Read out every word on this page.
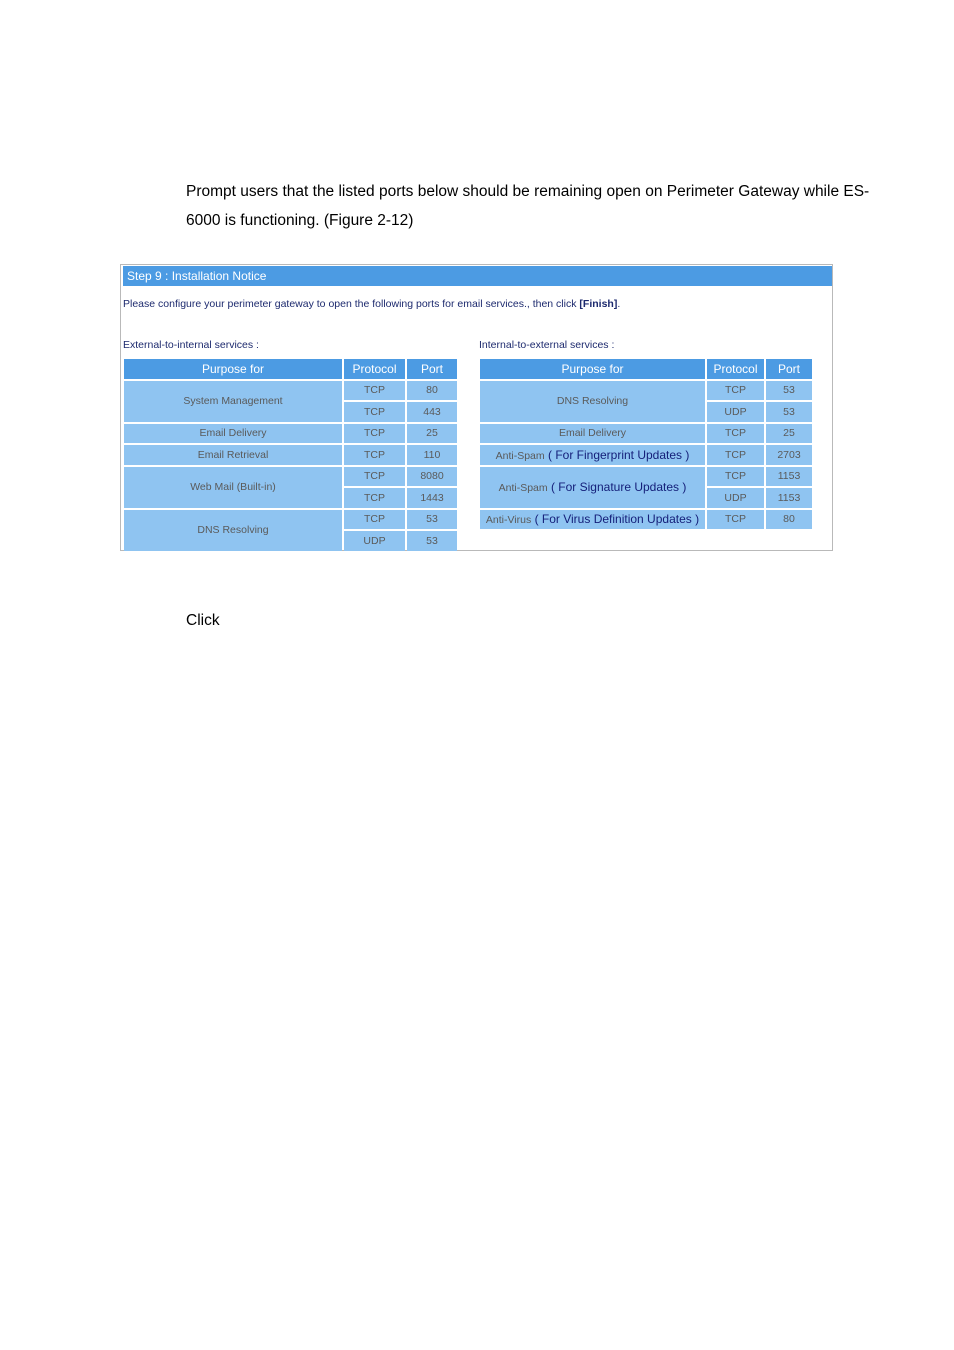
Prompt users that the listed ports below should be remaining open on Perimeter Gateway while ES-6000 is functioning. (Figure 2-12)

Step 9 : Installation Notice
Please configure your perimeter gateway to open the following ports for email services., then click [Finish].
External-to-internal services :	Internal-to-external services :
Purpose for	Protocol	Port
System Management	TCP	80
	TCP	443
Email Delivery	TCP	25
Email Retrieval	TCP	110
Web Mail (Built-in)	TCP	8080
	TCP	1443
DNS Resolving	TCP	53
	UDP	53
Purpose for	Protocol	Port
DNS Resolving	TCP	53
	UDP	53
Email Delivery	TCP	25
Anti-Spam ( For Fingerprint Updates )	TCP	2703
Anti-Spam ( For Signature Updates )	TCP	1153
	UDP	1153
Anti-Virus ( For Virus Definition Updates )	TCP	80

Click
